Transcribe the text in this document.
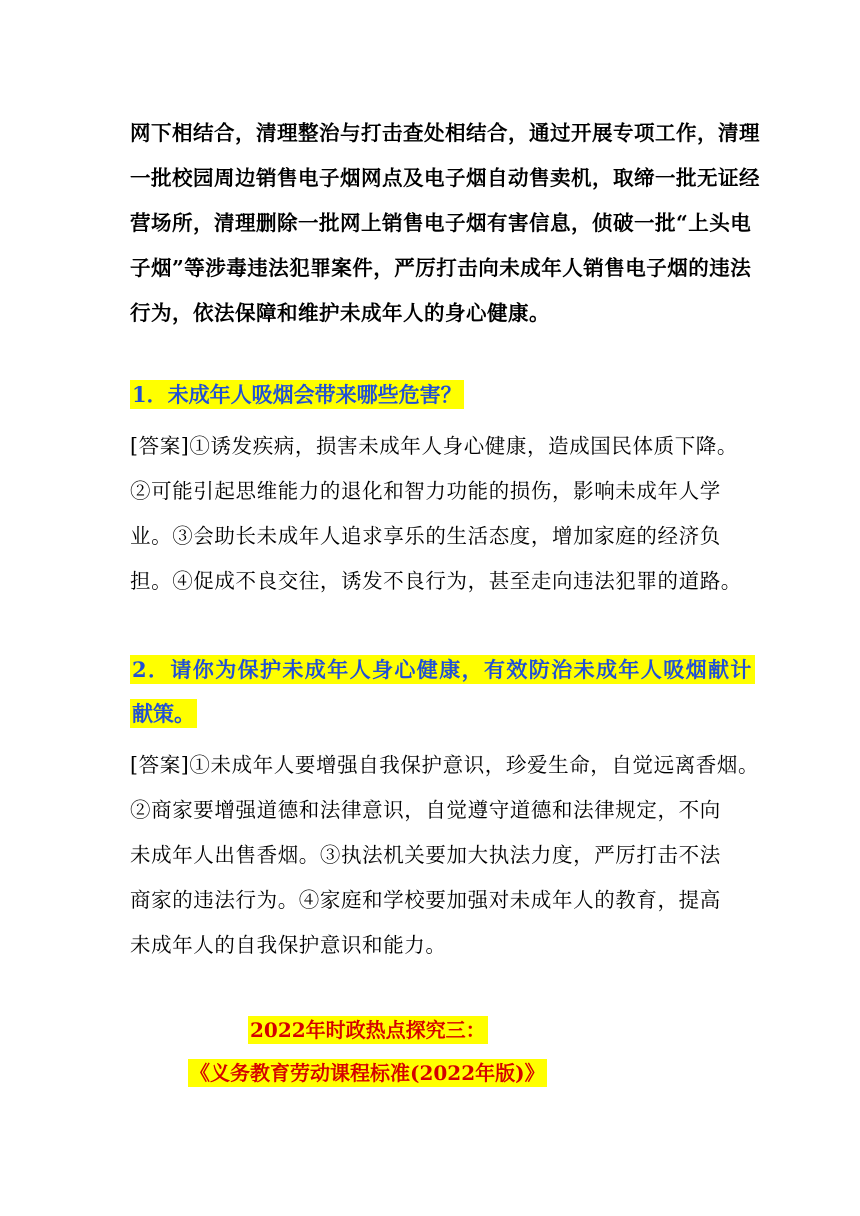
网下相结合，清理整治与打击查处相结合，通过开展专项工作，清理
一批校园周边销售电子烟网点及电子烟自动售卖机，取缔一批无证经
营场所，清理删除一批网上销售电子烟有害信息，侦破一批“上头电
子烟”等涉毒违法犯罪案件，严厉打击向未成年人销售电子烟的违法
行为，依法保障和维护未成年人的身心健康。
1．未成年人吸烟会带来哪些危害？
[答案]①诱发疾病，损害未成年人身心健康，造成国民体质下降。
②可能引起思维能力的退化和智力功能的损伤，影响未成年人学
业。③会助长未成年人追求享乐的生活态度，增加家庭的经济负
担。④促成不良交往，诱发不良行为，甚至走向违法犯罪的道路。
2．请你为保护未成年人身心健康，有效防治未成年人吸烟献计
献策。
[答案]①未成年人要增强自我保护意识，珍爱生命，自觉远离香烟。
②商家要增强道德和法律意识，自觉遵守道德和法律规定，不向
未成年人出售香烟。③执法机关要加大执法力度，严厉打击不法
商家的违法行为。④家庭和学校要加强对未成年人的教育，提高
未成年人的自我保护意识和能力。
2022年时政热点探究三：
《义务教育劳动课程标准(2022年版)》
